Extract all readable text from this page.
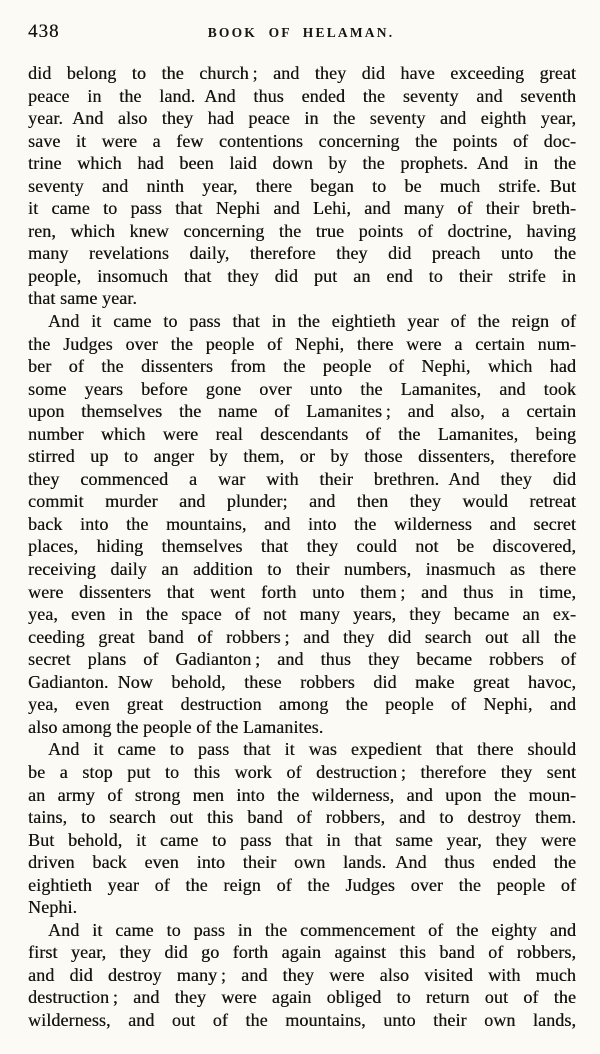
438	BOOK OF HELAMAN.
did belong to the church ; and they did have exceeding great
peace in the land. And thus ended the seventy and seventh
year. And also they had peace in the seventy and eighth year,
save it were a few contentions concerning the points of doc-
trine which had been laid down by the prophets. And in the
seventy and ninth year, there began to be much strife. But
it came to pass that Nephi and Lehi, and many of their breth-
ren, which knew concerning the true points of doctrine, having
many revelations daily, therefore they did preach unto the
people, insomuch that they did put an end to their strife in
that same year.
And it came to pass that in the eightieth year of the reign of
the Judges over the people of Nephi, there were a certain num-
ber of the dissenters from the people of Nephi, which had
some years before gone over unto the Lamanites, and took
upon themselves the name of Lamanites ; and also, a certain
number which were real descendants of the Lamanites, being
stirred up to anger by them, or by those dissenters, therefore
they commenced a war with their brethren. And they did
commit murder and plunder; and then they would retreat
back into the mountains, and into the wilderness and secret
places, hiding themselves that they could not be discovered,
receiving daily an addition to their numbers, inasmuch as there
were dissenters that went forth unto them ; and thus in time,
yea, even in the space of not many years, they became an ex-
ceeding great band of robbers ; and they did search out all the
secret plans of Gadianton ; and thus they became robbers of
Gadianton. Now behold, these robbers did make great havoc,
yea, even great destruction among the people of Nephi, and
also among the people of the Lamanites.
And it came to pass that it was expedient that there should
be a stop put to this work of destruction ; therefore they sent
an army of strong men into the wilderness, and upon the moun-
tains, to search out this band of robbers, and to destroy them.
But behold, it came to pass that in that same year, they were
driven back even into their own lands. And thus ended the
eightieth year of the reign of the Judges over the people of
Nephi.
And it came to pass in the commencement of the eighty and
first year, they did go forth again against this band of robbers,
and did destroy many ; and they were also visited with much
destruction ; and they were again obliged to return out of the
wilderness, and out of the mountains, unto their own lands,
